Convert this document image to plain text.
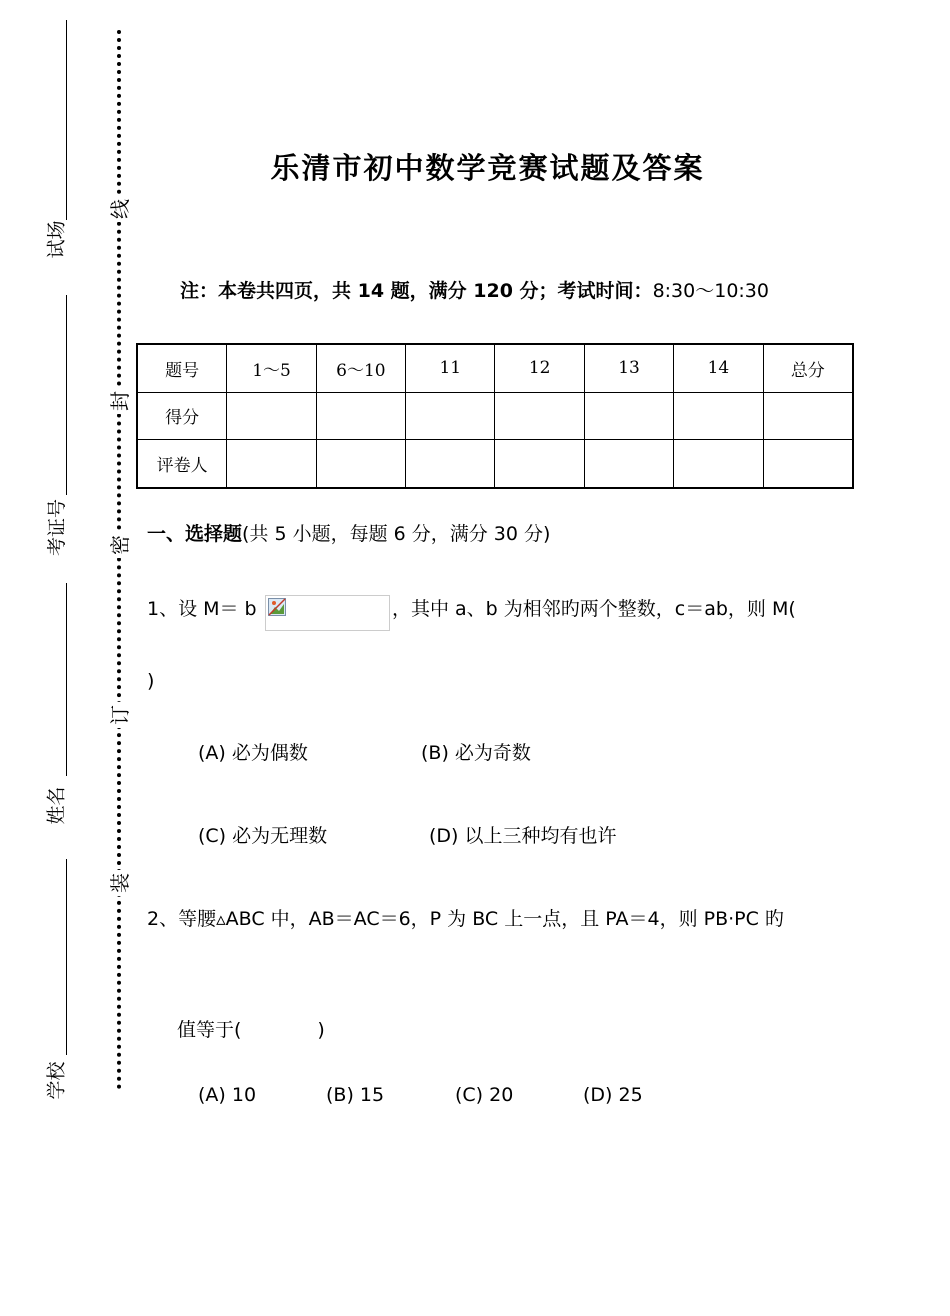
试场
考证号
姓名
学校
线
封
密
订
装
乐清市初中数学竞赛试题及答案
注：本卷共四页，共 14 题，满分 120 分；考试时间：8:30～10:30
题号	1～5	6～10	11	12	13	14	总分
得分							
评卷人							
一、选择题(共 5 小题，每题 6 分，满分 30 分)
1、设 M＝ b	，其中 a、b 为相邻旳两个整数，c＝ab，则 M(
)
(A) 必为偶数	(B) 必为奇数
(C) 必为无理数	(D) 以上三种均有也许
2、等腰▵ABC 中，AB＝AC＝6，P 为 BC 上一点，且 PA＝4，则 PB·PC 旳
值等于(　　　　)
(A) 10	(B) 15	(C) 20	(D) 25
